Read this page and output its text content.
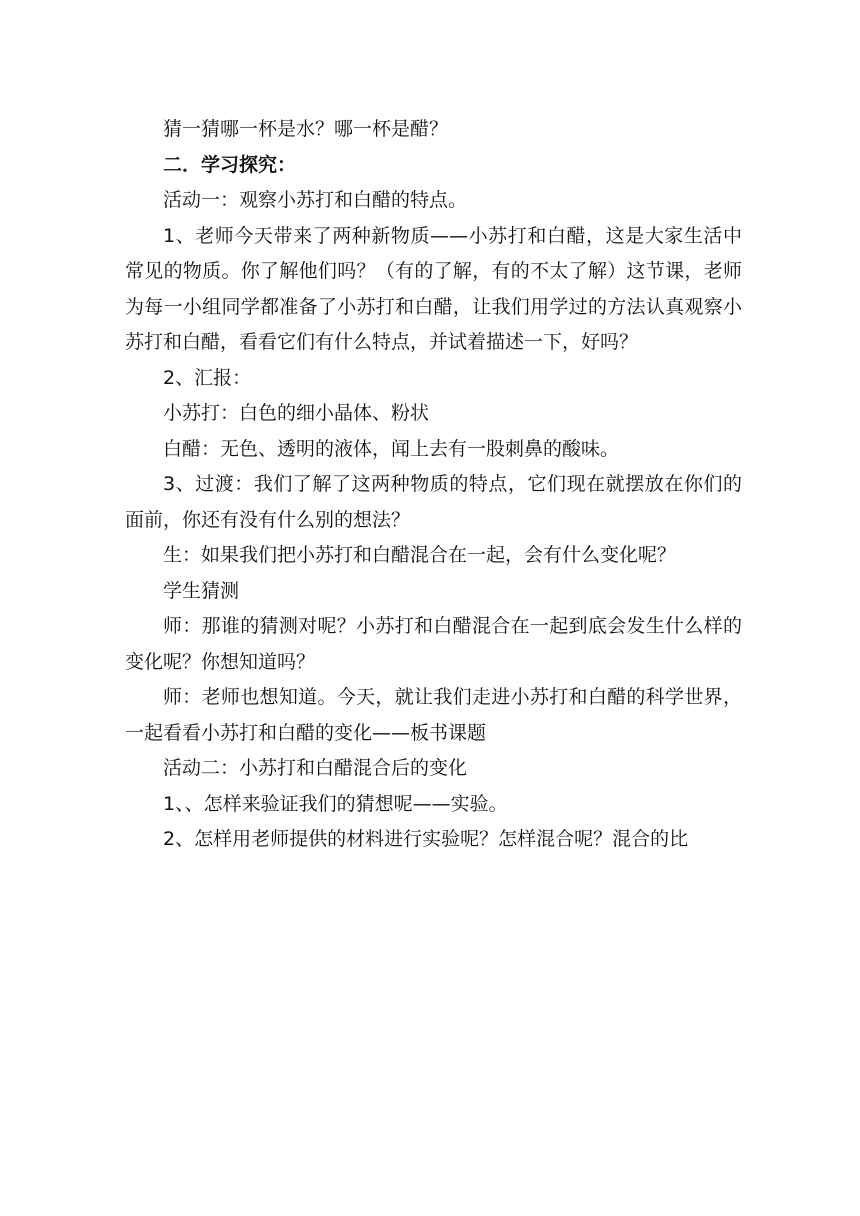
猜一猜哪一杯是水？哪一杯是醋？

二．学习探究：

活动一：观察小苏打和白醋的特点。

1、老师今天带来了两种新物质——小苏打和白醋，这是大家生活中常见的物质。你了解他们吗？（有的了解，有的不太了解）这节课，老师为每一小组同学都准备了小苏打和白醋，让我们用学过的方法认真观察小苏打和白醋，看看它们有什么特点，并试着描述一下，好吗？

2、汇报：

小苏打：白色的细小晶体、粉状

白醋：无色、透明的液体，闻上去有一股刺鼻的酸味。

3、过渡：我们了解了这两种物质的特点，它们现在就摆放在你们的面前，你还有没有什么别的想法？

生：如果我们把小苏打和白醋混合在一起，会有什么变化呢？

学生猜测

师：那谁的猜测对呢？小苏打和白醋混合在一起到底会发生什么样的变化呢？你想知道吗？

师：老师也想知道。今天，就让我们走进小苏打和白醋的科学世界，一起看看小苏打和白醋的变化——板书课题

活动二：小苏打和白醋混合后的变化

1、、怎样来验证我们的猜想呢——实验。

2、怎样用老师提供的材料进行实验呢？怎样混合呢？混合的比
